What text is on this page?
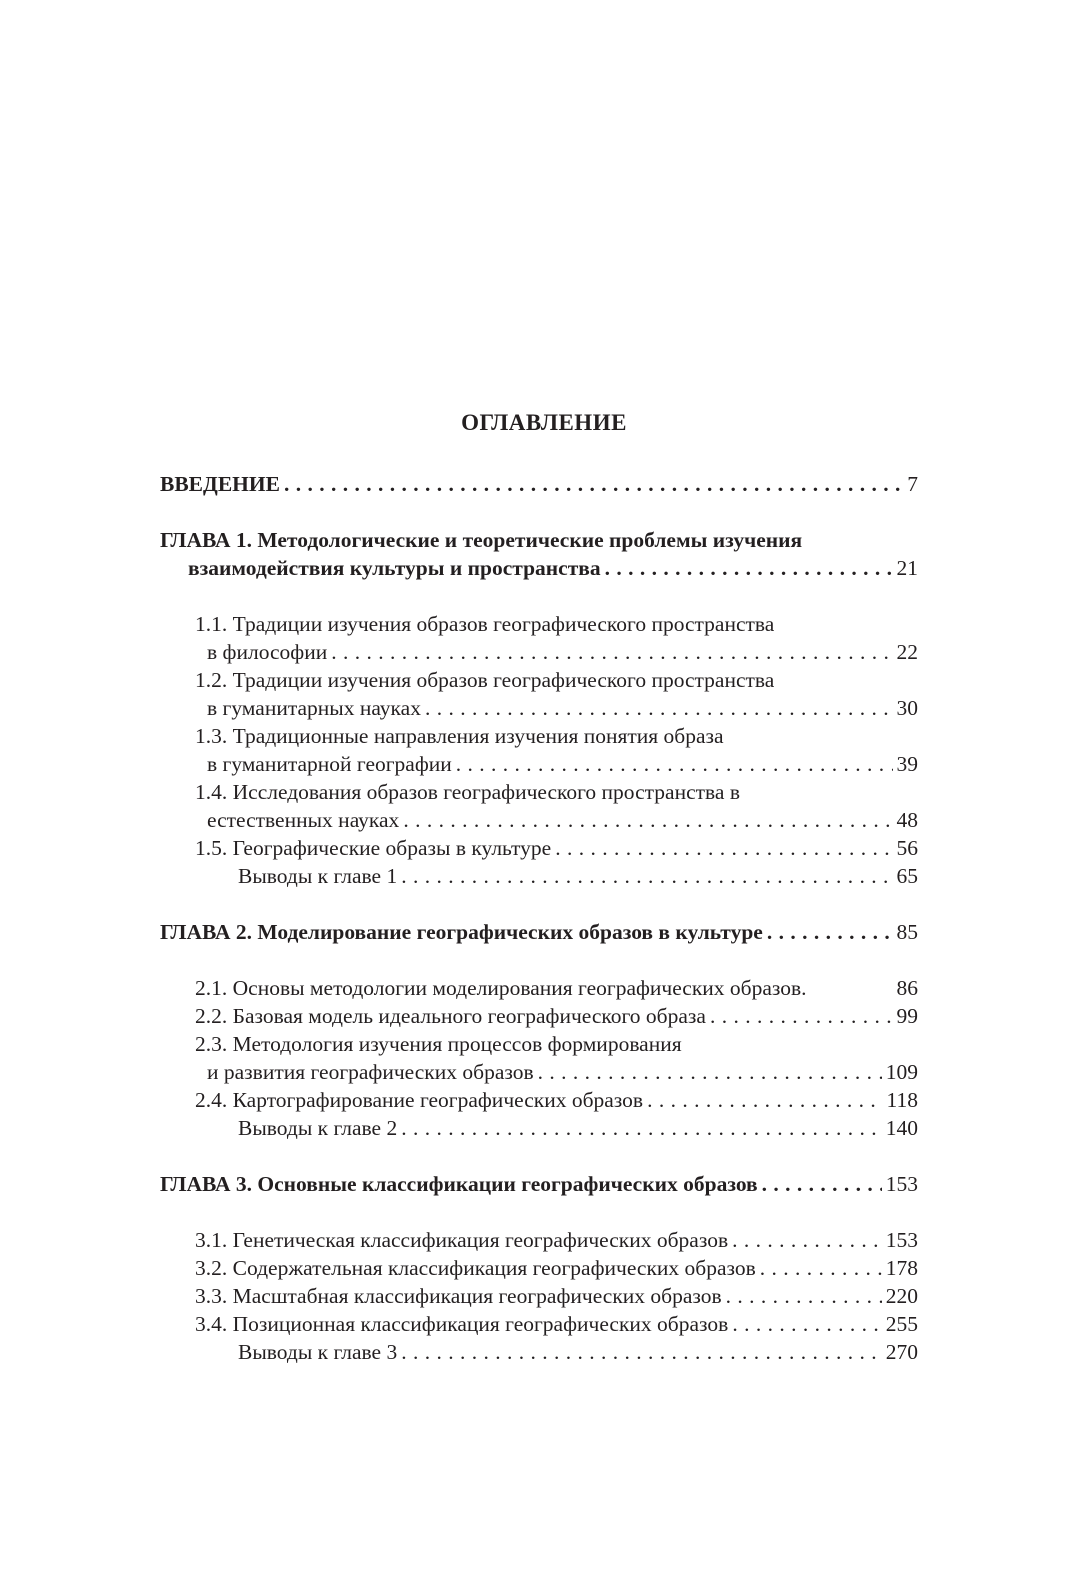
ОГЛАВЛЕНИЕ
ВВЕДЕНИЕ . . .	7
ГЛАВА 1. Методологические и теоретические проблемы изучения
взаимодействия культуры и пространства . . .	21
1.1. Традиции изучения образов географического пространства
в философии . . .	22
1.2. Традиции изучения образов географического пространства
в гуманитарных науках . . .	30
1.3. Традиционные направления изучения понятия образа
в гуманитарной географии . . .	39
1.4. Исследования образов географического пространства в
естественных науках . . .	48
1.5. Географические образы в культуре . . .	56
Выводы к главе 1 . . .	65
ГЛАВА 2. Моделирование географических образов в культуре . . .	85
2.1. Основы методологии моделирования географических образов.	86
2.2. Базовая модель идеального географического образа . . .	99
2.3. Методология изучения процессов формирования
и развития географических образов . . .	109
2.4. Картографирование географических образов . . .	118
Выводы к главе 2 . . .	140
ГЛАВА 3. Основные классификации географических образов . . .	153
3.1. Генетическая классификация географических образов . . .	153
3.2. Содержательная классификация географических образов . . .	178
3.3. Масштабная классификация географических образов . . .	220
3.4. Позиционная классификация географических образов . . .	255
Выводы к главе 3 . . .	270
